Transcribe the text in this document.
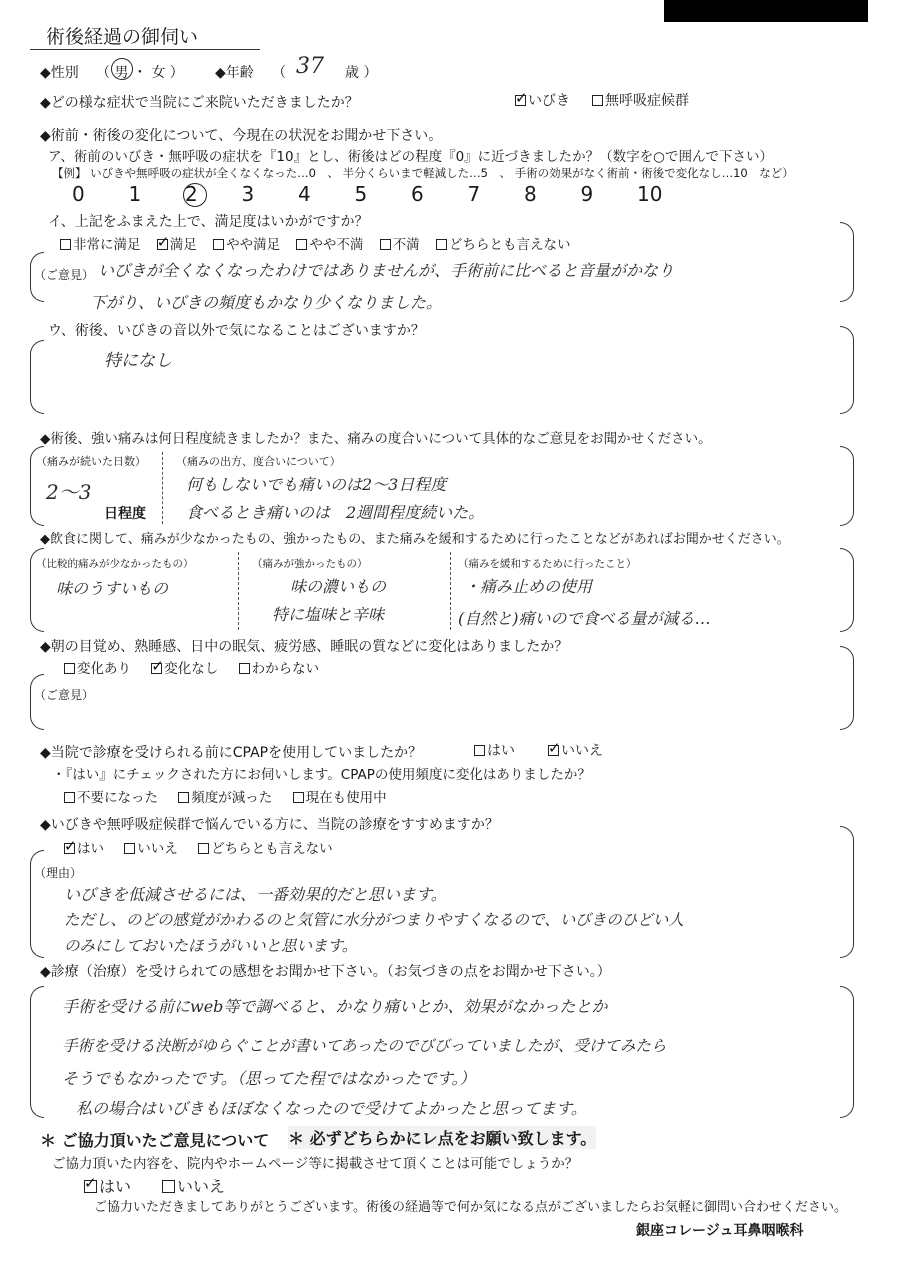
術後経過の御伺い
◆性別 （ 男 ・ 女 ） ◆年齢 （ 37 歳 ）
◆どの様な症状で当院にご来院いただきましたか？ ✓	いびき	無呼吸症候群
◆術前・術後の変化について、今現在の状況をお聞かせ下さい。
ア、術前のいびき・無呼吸の症状を『10』とし、術後はどの程度『0』に近づきましたか？（数字を○で囲んで下さい）
【例】 いびきや無呼吸の症状が全くなくなった…0　、 半分くらいまで軽減した…5　、 手術の効果がなく術前・術後で変化なし…10　など）
0 1 2 3 4 5 6 7 8 9 10
イ、上記をふまえた上で、満足度はいかがですか？
非常に満足 ✓ 満足 やや満足 やや不満 不満 どちらとも言えない
（ご意見） いびきが全くなくなったわけではありませんが、手術前に比べると音量がかなり
下がり、いびきの頻度もかなり少くなりました。
ウ、術後、いびきの音以外で気になることはございますか？
特になし
◆術後、強い痛みは何日程度続きましたか？また、痛みの度合いについて具体的なご意見をお聞かせください。
（痛みが続いた日数）
2〜3
日程度
（痛みの出方、度合いについて）
何もしないでも痛いのは2〜3日程度
食べるとき痛いのは　2週間程度続いた。
◆飲食に関して、痛みが少なかったもの、強かったもの、また痛みを緩和するために行ったことなどがあればお聞かせください。
（比較的痛みが少なかったもの）
味のうすいもの
（痛みが強かったもの）
味の濃いもの
特に塩味と辛味
（痛みを緩和するために行ったこと）
・痛み止めの使用
(自然と)痛いので食べる量が減る…
◆朝の目覚め、熟睡感、日中の眠気、疲労感、睡眠の質などに変化はありましたか？
変化あり ✓ 変化なし わからない
（ご意見）
◆当院で診療を受けられる前にCPAPを使用していましたか？	はい ✓	いいえ
・『はい』にチェックされた方にお伺いします。CPAPの使用頻度に変化はありましたか？
不要になった 頻度が減った 現在も使用中
◆いびきや無呼吸症候群で悩んでいる方に、当院の診療をすすめますか？
✓はい いいえ どちらとも言えない
（理由）
いびきを低減させるには、一番効果的だと思います。
ただし、のどの感覚がかわるのと気管に水分がつまりやすくなるので、いびきのひどい人
のみにしておいたほうがいいと思います。
◆診療（治療）を受けられての感想をお聞かせ下さい。（お気づきの点をお聞かせ下さい。）
手術を受ける前にweb等で調べると、かなり痛いとか、効果がなかったとか
手術を受ける決断がゆらぐことが書いてあったのでびびっていましたが、受けてみたら
そうでもなかったです。（思ってた程ではなかったです。）
私の場合はいびきもほぼなくなったので受けてよかったと思ってます。
＊ ご協力頂いたご意見について ＊ 必ずどちらかにレ点をお願い致します。
ご協力頂いた内容を、院内やホームページ等に掲載させて頂くことは可能でしょうか？
✓はい	いいえ
ご協力いただきましてありがとうございます。術後の経過等で何か気になる点がございましたらお気軽に御問い合わせください。
銀座コレージュ耳鼻咽喉科
